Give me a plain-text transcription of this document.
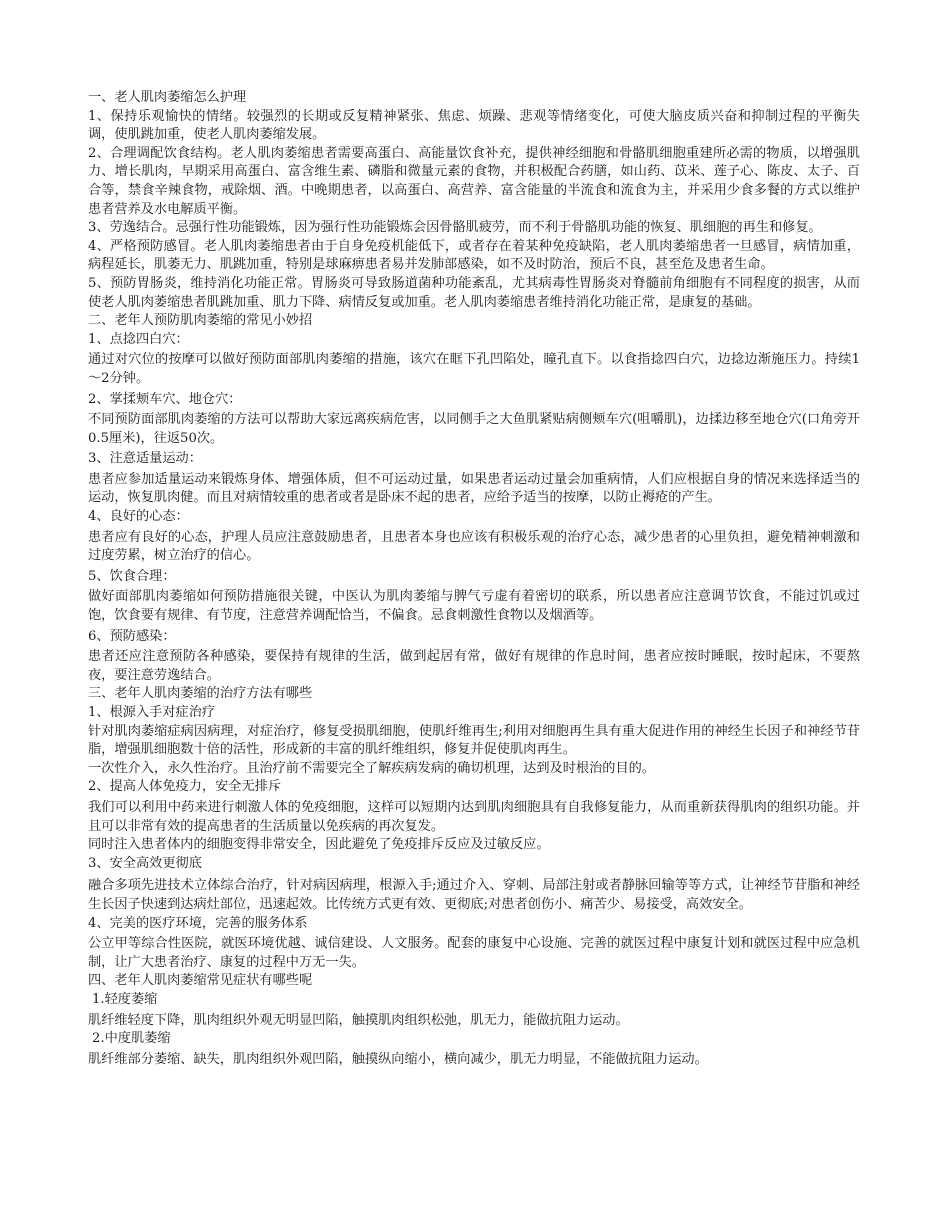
一、老人肌肉萎缩怎么护理

1、保持乐观愉快的情绪。较强烈的长期或反复精神紧张、焦虑、烦躁、悲观等情绪变化，可使大脑皮质兴奋和抑制过程的平衡失调，使肌跳加重，使老人肌肉萎缩发展。

2、合理调配饮食结构。老人肌肉萎缩患者需要高蛋白、高能量饮食补充，提供神经细胞和骨骼肌细胞重建所必需的物质，以增强肌力、增长肌肉，早期采用高蛋白、富含维生素、磷脂和微量元素的食物，并积极配合药膳，如山药、苡米、莲子心、陈皮、太子、百合等，禁食辛辣食物，戒除烟、酒。中晚期患者，以高蛋白、高营养、富含能量的半流食和流食为主，并采用少食多餐的方式以维护患者营养及水电解质平衡。

3、劳逸结合。忌强行性功能锻炼，因为强行性功能锻炼会因骨骼肌疲劳，而不利于骨骼肌功能的恢复、肌细胞的再生和修复。

4、严格预防感冒。老人肌肉萎缩患者由于自身免疫机能低下，或者存在着某种免疫缺陷，老人肌肉萎缩患者一旦感冒，病情加重，病程延长，肌萎无力、肌跳加重，特别是球麻痹患者易并发肺部感染，如不及时防治，预后不良，甚至危及患者生命。

5、预防胃肠炎，维持消化功能正常。胃肠炎可导致肠道菌种功能紊乱，尤其病毒性胃肠炎对脊髓前角细胞有不同程度的损害，从而使老人肌肉萎缩患者肌跳加重、肌力下降、病情反复或加重。老人肌肉萎缩患者维持消化功能正常，是康复的基础。

二、老年人预防肌肉萎缩的常见小妙招

1、点捻四白穴：

通过对穴位的按摩可以做好预防面部肌肉萎缩的措施，该穴在眶下孔凹陷处，瞳孔直下。以食指捻四白穴，边捻边渐施压力。持续1～2分钟。

2、掌揉颊车穴、地仓穴：

不同预防面部肌肉萎缩的方法可以帮助大家远离疾病危害，以同侧手之大鱼肌紧贴病侧颊车穴(咀嚼肌)，边揉边移至地仓穴(口角旁开0.5厘米)，往返50次。

3、注意适量运动：

患者应参加适量运动来锻炼身体、增强体质，但不可运动过量，如果患者运动过量会加重病情，人们应根据自身的情况来选择适当的运动，恢复肌肉健。而且对病情较重的患者或者是卧床不起的患者，应给予适当的按摩，以防止褥疮的产生。

4、良好的心态：

患者应有良好的心态，护理人员应注意鼓励患者，且患者本身也应该有积极乐观的治疗心态，减少患者的心里负担，避免精神刺激和过度劳累，树立治疗的信心。

5、饮食合理：

做好面部肌肉萎缩如何预防措施很关键，中医认为肌肉萎缩与脾气亏虚有着密切的联系，所以患者应注意调节饮食，不能过饥或过饱，饮食要有规律、有节度，注意营养调配恰当，不偏食。忌食刺激性食物以及烟酒等。

6、预防感染：

患者还应注意预防各种感染，要保持有规律的生活，做到起居有常，做好有规律的作息时间，患者应按时睡眠，按时起床，不要熬夜，要注意劳逸结合。

三、老年人肌肉萎缩的治疗方法有哪些

1、根源入手对症治疗

针对肌肉萎缩症病因病理，对症治疗，修复受损肌细胞，使肌纤维再生;利用对细胞再生具有重大促进作用的神经生长因子和神经节苷脂，增强肌细胞数十倍的活性，形成新的丰富的肌纤维组织，修复并促使肌肉再生。

一次性介入，永久性治疗。且治疗前不需要完全了解疾病发病的确切机理，达到及时根治的目的。

2、提高人体免疫力，安全无排斥

我们可以利用中药来进行刺激人体的免疫细胞，这样可以短期内达到肌肉细胞具有自我修复能力，从而重新获得肌肉的组织功能。并且可以非常有效的提高患者的生活质量以免疾病的再次复发。

同时注入患者体内的细胞变得非常安全，因此避免了免疫排斥反应及过敏反应。

3、安全高效更彻底

融合多项先进技术立体综合治疗，针对病因病理，根源入手;通过介入、穿刺、局部注射或者静脉回输等等方式，让神经节苷脂和神经生长因子快速到达病灶部位，迅速起效。比传统方式更有效、更彻底;对患者创伤小、痛苦少、易接受，高效安全。

4、完美的医疗环境，完善的服务体系

公立甲等综合性医院，就医环境优越、诚信建设、人文服务。配套的康复中心设施、完善的就医过程中康复计划和就医过程中应急机制，让广大患者治疗、康复的过程中万无一失。

四、老年人肌肉萎缩常见症状有哪些呢

1.轻度萎缩

肌纤维轻度下降，肌肉组织外观无明显凹陷，触摸肌肉组织松弛，肌无力，能做抗阻力运动。

2.中度肌萎缩

肌纤维部分萎缩、缺失，肌肉组织外观凹陷，触摸纵向缩小，横向减少，肌无力明显，不能做抗阻力运动。
